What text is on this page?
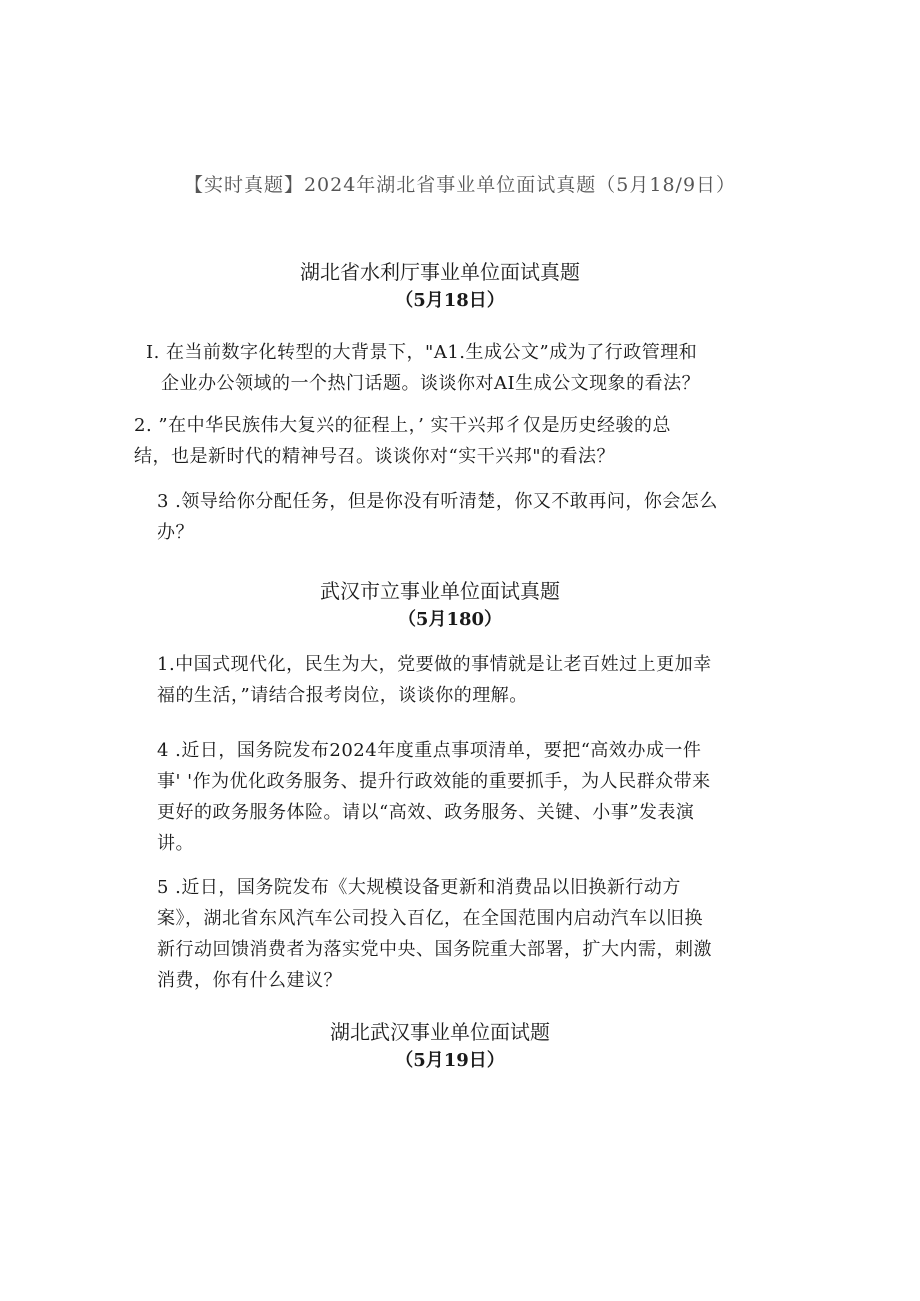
【实时真题】2024年湖北省事业单位面试真题（5月18/9日）
湖北省水利厅事业单位面试真题
（5月18日）
I. 在当前数字化转型的大背景下，"A1.生成公文”成为了行政管理和
企业办公领域的一个热门话题。谈谈你对AI生成公文现象的看法？
2. ”在中华民族伟大复兴的征程上，’ 实干兴邦彳仅是历史经骏的总
结，也是新时代的精神号召。谈谈你对“实干兴邦"的看法？
3 .领导给你分配任务，但是你没有听清楚，你又不敢再问，你会怎么
办？
武汉市立事业单位面试真题
（5月180）
1.中国式现代化，民生为大，党要做的事情就是让老百姓过上更加幸
福的生活，”请结合报考岗位，谈谈你的理解。
4 .近日，国务院发布2024年度重点事项清单，要把“高效办成一件
事' '作为优化政务服务、提升行政效能的重要抓手，为人民群众带来
更好的政务服务体险。请以“高效、政务服务、关键、小事”发表演
讲。
5 .近日，国务院发布《大规模设备更新和消费品以旧换新行动方
案》，湖北省东风汽车公司投入百亿，在全国范围内启动汽车以旧换
新行动回馈消费者为落实党中央、国务院重大部署，扩大内需，刺激
消费，你有什么建议？
湖北武汉事业单位面试题
（5月19日）
